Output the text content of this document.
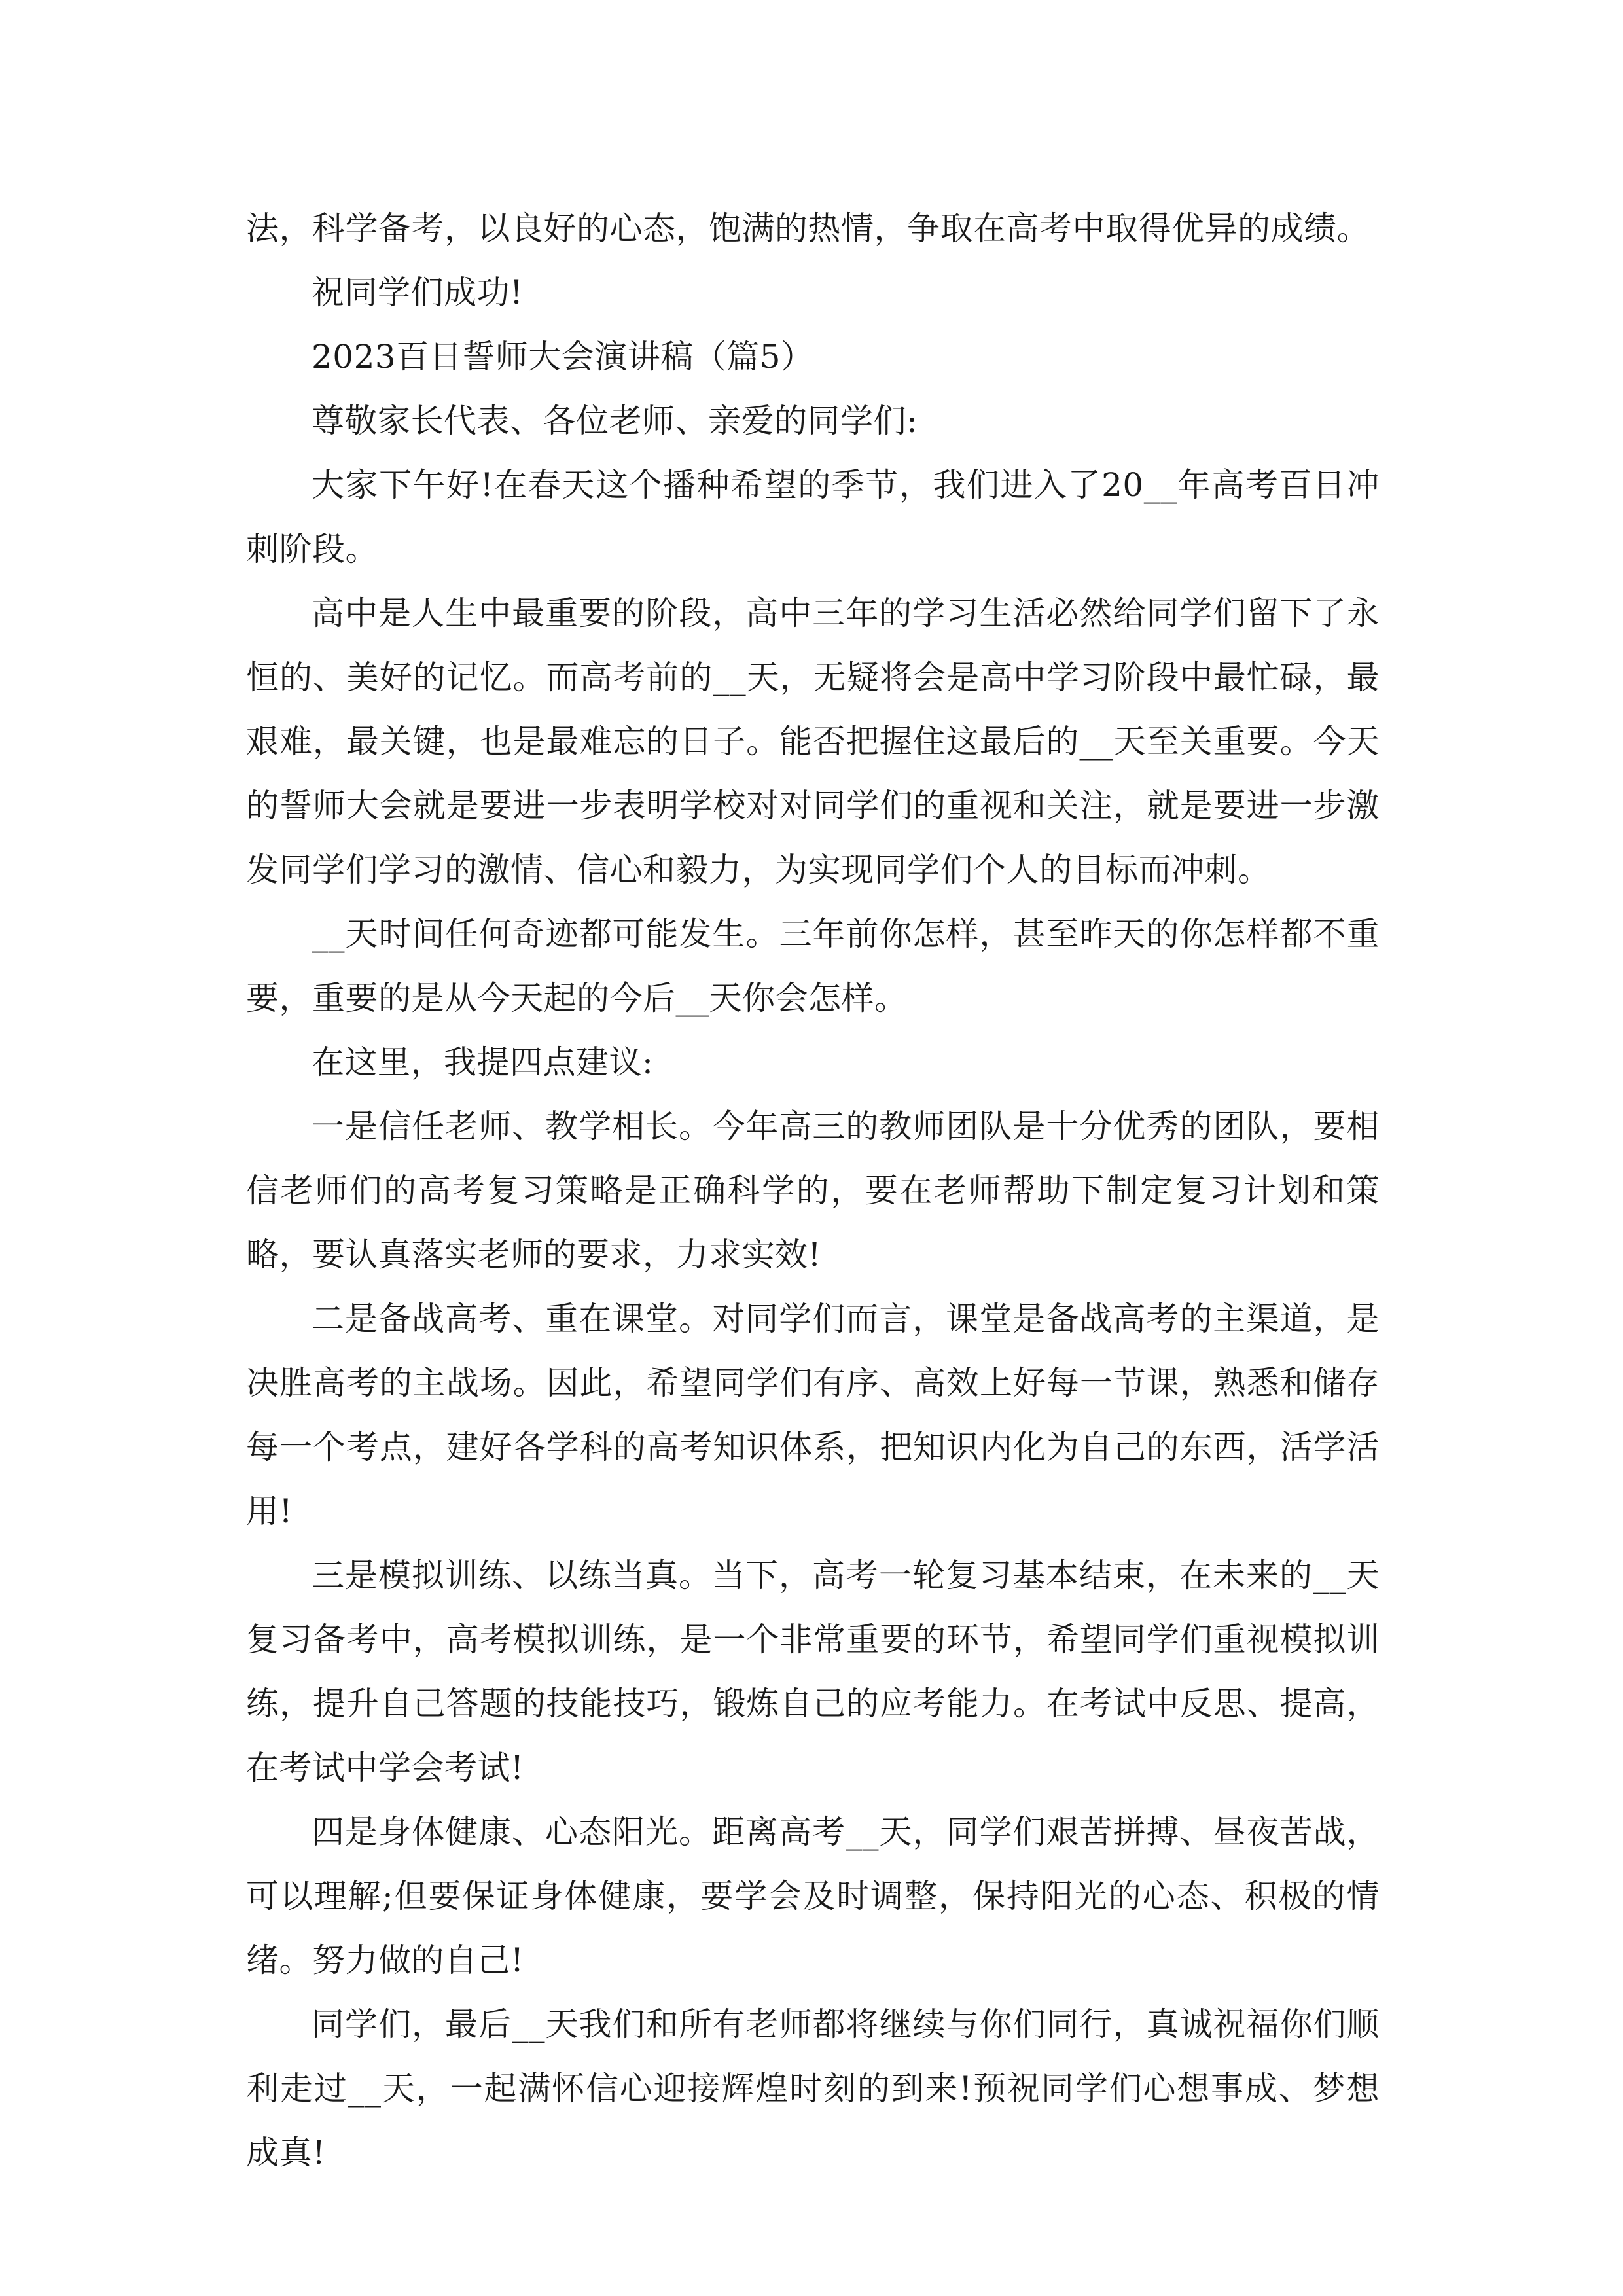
法，科学备考，以良好的心态，饱满的热情，争取在高考中取得优异的成绩。

祝同学们成功!

2023百日誓师大会演讲稿（篇5）

尊敬家长代表、各位老师、亲爱的同学们:

大家下午好!在春天这个播种希望的季节，我们进入了20__年高考百日冲刺阶段。

高中是人生中最重要的阶段，高中三年的学习生活必然给同学们留下了永恒的、美好的记忆。而高考前的__天，无疑将会是高中学习阶段中最忙碌，最艰难，最关键，也是最难忘的日子。能否把握住这最后的__天至关重要。今天的誓师大会就是要进一步表明学校对对同学们的重视和关注，就是要进一步激发同学们学习的激情、信心和毅力，为实现同学们个人的目标而冲刺。

__天时间任何奇迹都可能发生。三年前你怎样，甚至昨天的你怎样都不重要，重要的是从今天起的今后__天你会怎样。

在这里，我提四点建议:

一是信任老师、教学相长。今年高三的教师团队是十分优秀的团队，要相信老师们的高考复习策略是正确科学的，要在老师帮助下制定复习计划和策略，要认真落实老师的要求，力求实效!

二是备战高考、重在课堂。对同学们而言，课堂是备战高考的主渠道，是决胜高考的主战场。因此，希望同学们有序、高效上好每一节课，熟悉和储存每一个考点，建好各学科的高考知识体系，把知识内化为自己的东西，活学活用!

三是模拟训练、以练当真。当下，高考一轮复习基本结束，在未来的__天复习备考中，高考模拟训练，是一个非常重要的环节，希望同学们重视模拟训练，提升自己答题的技能技巧，锻炼自己的应考能力。在考试中反思、提高，在考试中学会考试!

四是身体健康、心态阳光。距离高考__天，同学们艰苦拼搏、昼夜苦战，可以理解;但要保证身体健康，要学会及时调整，保持阳光的心态、积极的情绪。努力做的自己!

同学们，最后__天我们和所有老师都将继续与你们同行，真诚祝福你们顺利走过__天，一起满怀信心迎接辉煌时刻的到来!预祝同学们心想事成、梦想成真!
